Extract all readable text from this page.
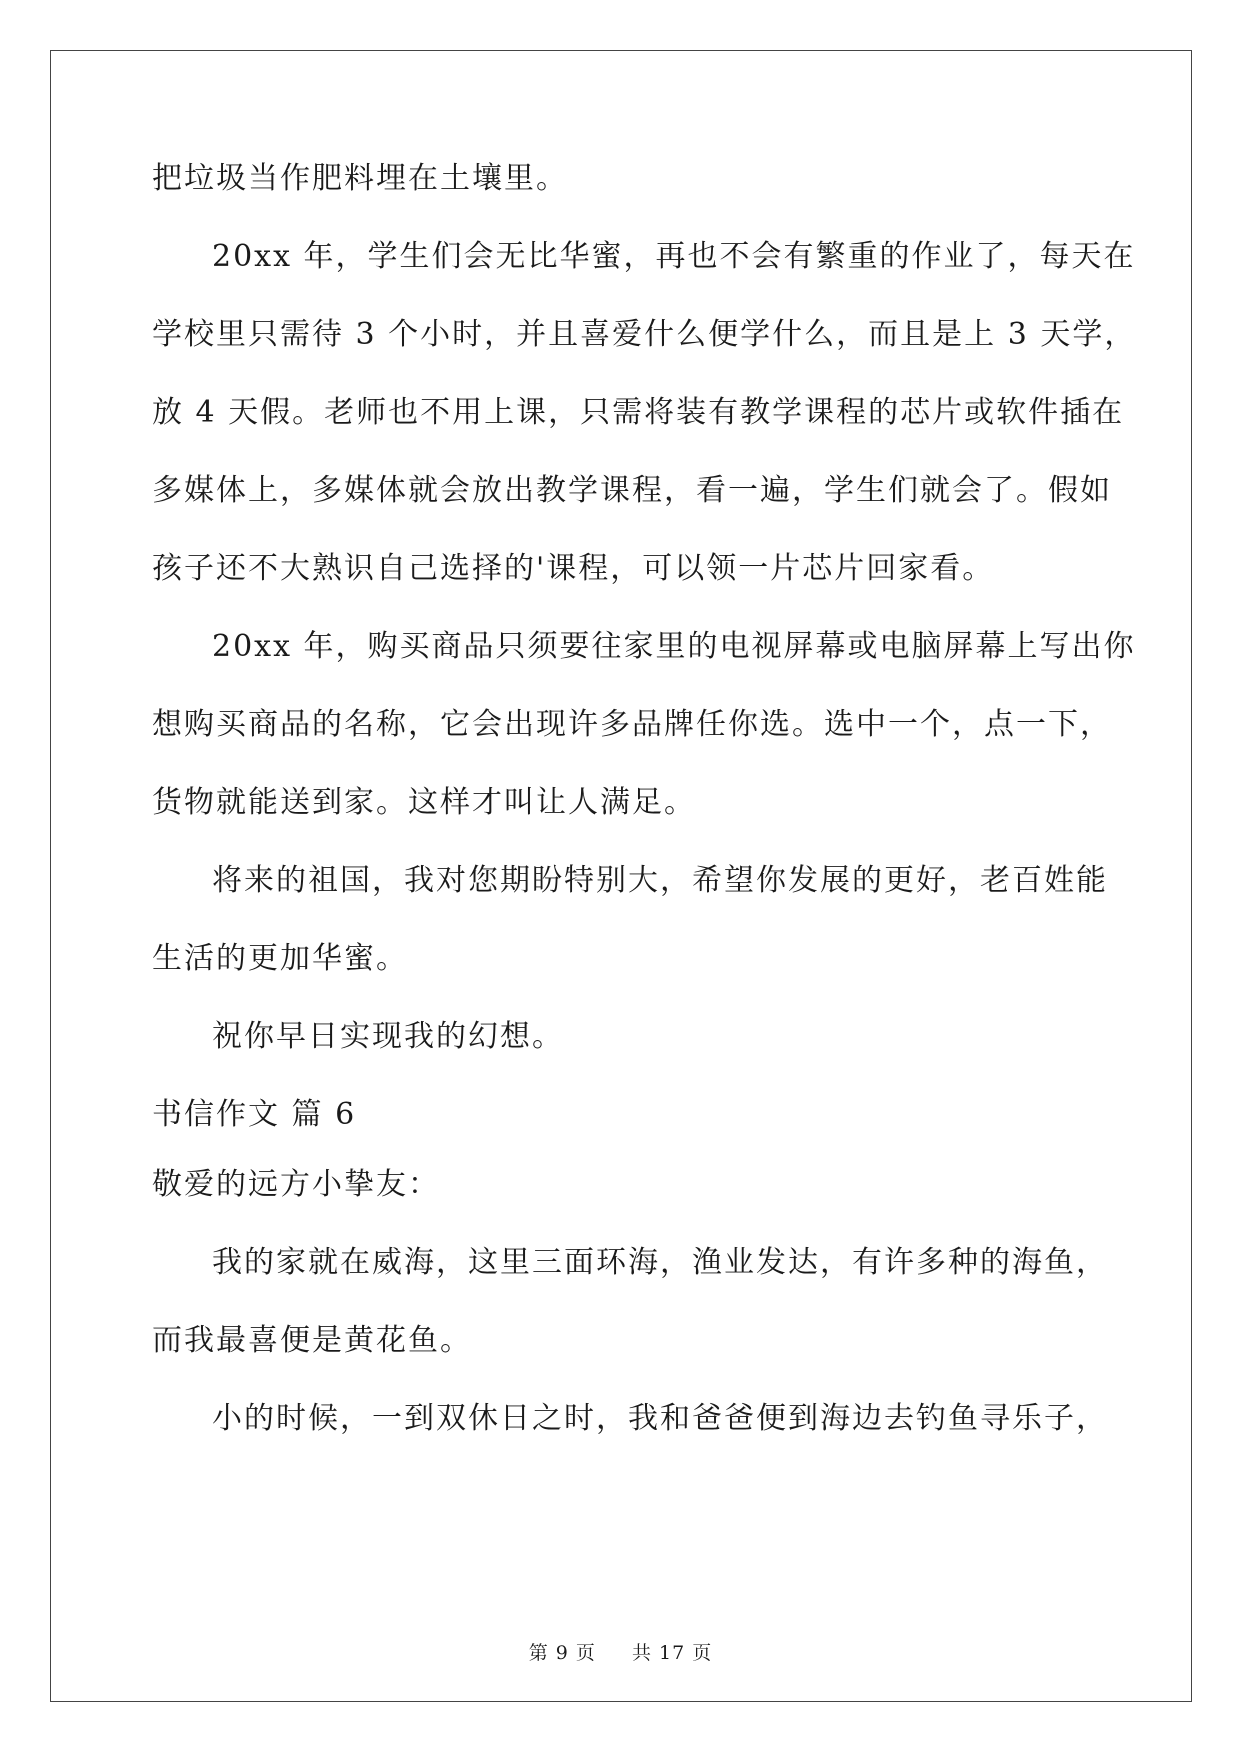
把垃圾当作肥料埋在土壤里。
20xx 年，学生们会无比华蜜，再也不会有繁重的作业了，每天在
学校里只需待 3 个小时，并且喜爱什么便学什么，而且是上 3 天学，
放 4 天假。老师也不用上课，只需将装有教学课程的芯片或软件插在
多媒体上，多媒体就会放出教学课程，看一遍，学生们就会了。假如
孩子还不大熟识自己选择的'课程，可以领一片芯片回家看。
20xx 年，购买商品只须要往家里的电视屏幕或电脑屏幕上写出你
想购买商品的名称，它会出现许多品牌任你选。选中一个，点一下，
货物就能送到家。这样才叫让人满足。
将来的祖国，我对您期盼特别大，希望你发展的更好，老百姓能
生活的更加华蜜。
祝你早日实现我的幻想。
书信作文 篇 6
敬爱的远方小挚友：
我的家就在威海，这里三面环海，渔业发达，有许多种的海鱼，
而我最喜便是黄花鱼。
小的时候，一到双休日之时，我和爸爸便到海边去钓鱼寻乐子，
第 9 页 共 17 页
